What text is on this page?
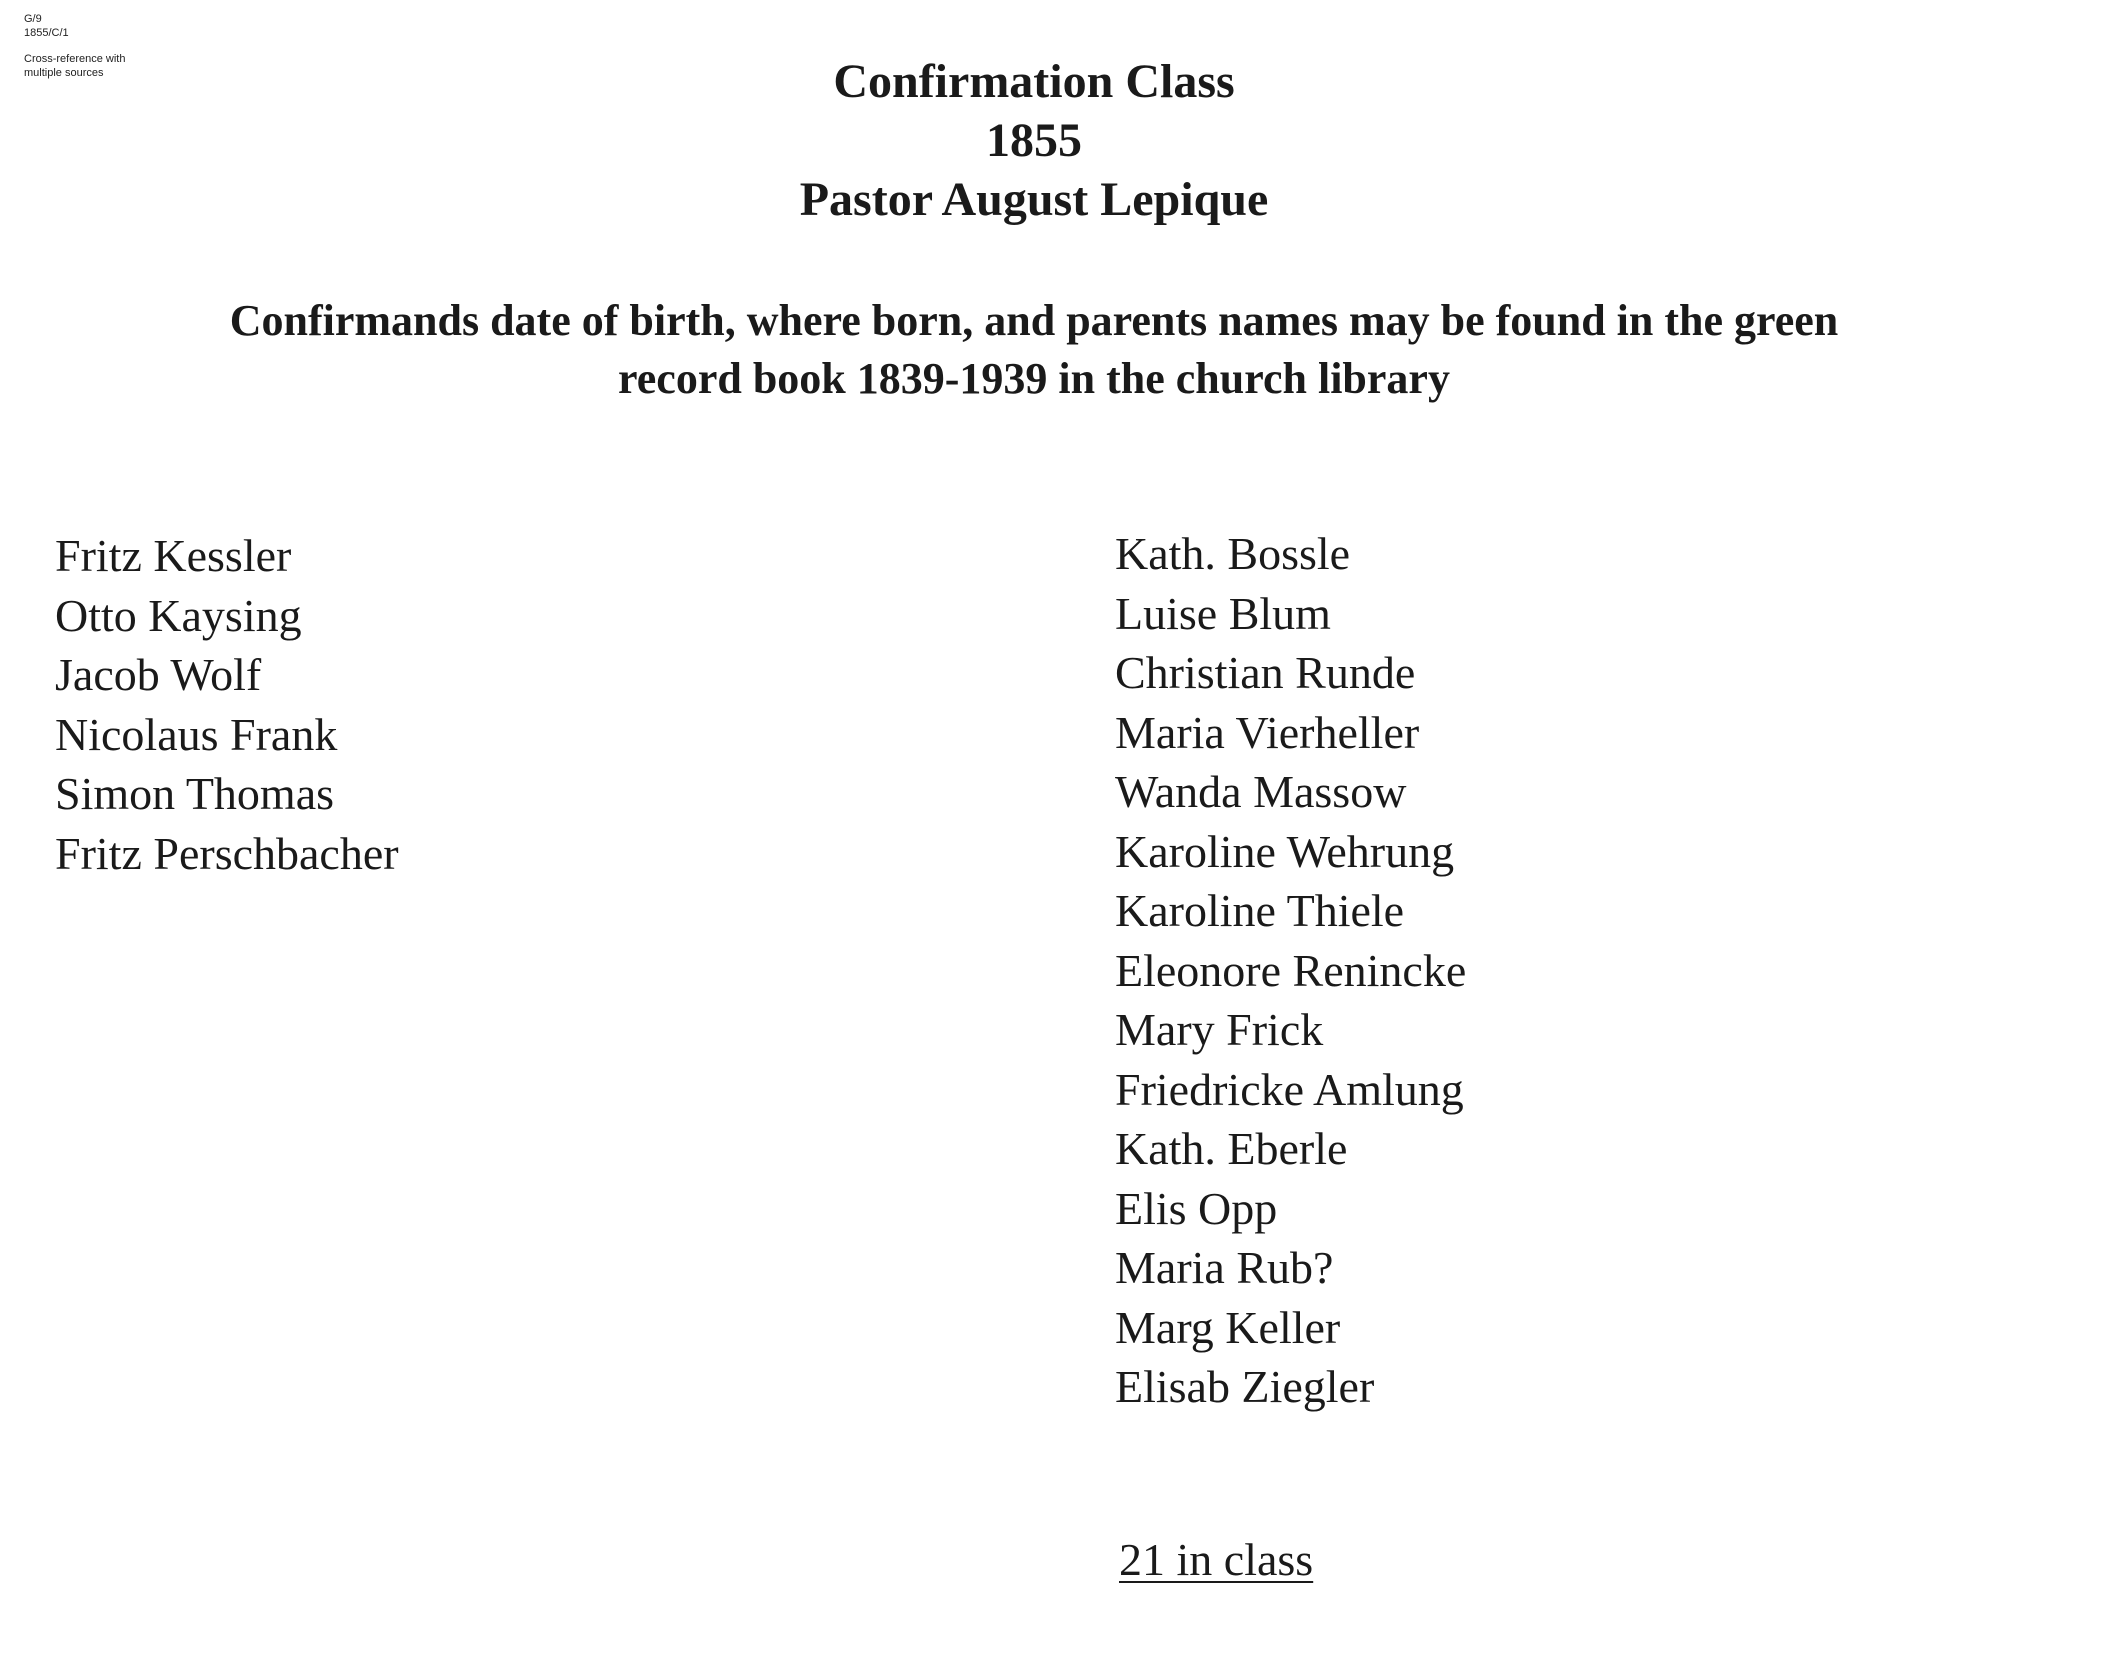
G/9
1855/C/1
Cross-reference with
multiple sources	Confirmation Class
1855
Pastor August Lepique
Confirmands date of birth, where born, and parents names may be found in the green
record book 1839-1939 in the church library
Fritz Kessler
Otto Kaysing
Jacob Wolf
Nicolaus Frank
Simon Thomas
Fritz Perschbacher
Kath. Bossle
Luise Blum
Christian Runde
Maria Vierheller
Wanda Massow
Karoline Wehrung
Karoline Thiele
Eleonore Renincke
Mary Frick
Friedricke Amlung
Kath. Eberle
Elis Opp
Maria Rub?
Marg Keller
Elisab Ziegler
21 in class
